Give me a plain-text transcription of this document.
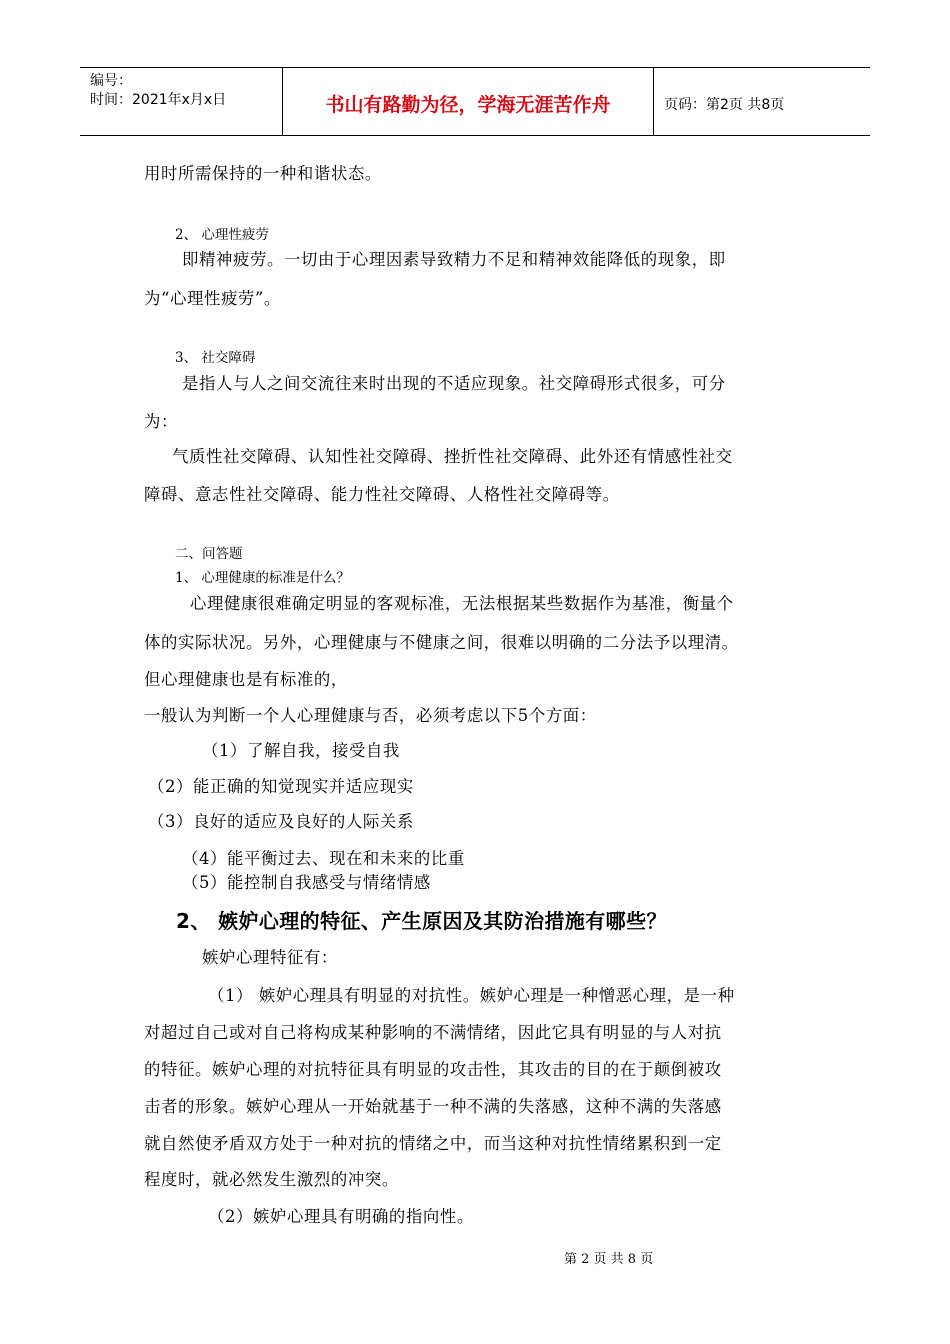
编号：
时间：2021年x月x日	书山有路勤为径，学海无涯苦作舟	页码：第2页 共8页
用时所需保持的一种和谐状态。
2、 心理性疲劳
即精神疲劳。一切由于心理因素导致精力不足和精神效能降低的现象，即
为“心理性疲劳”。
3、 社交障碍
是指人与人之间交流往来时出现的不适应现象。社交障碍形式很多，可分
为：
气质性社交障碍、认知性社交障碍、挫折性社交障碍、此外还有情感性社交
障碍、意志性社交障碍、能力性社交障碍、人格性社交障碍等。
二、问答题
1、 心理健康的标准是什么？
心理健康很难确定明显的客观标准，无法根据某些数据作为基准，衡量个
体的实际状况。另外，心理健康与不健康之间，很难以明确的二分法予以理清。
但心理健康也是有标准的，
一般认为判断一个人心理健康与否，必须考虑以下5个方面：
（1）了解自我，接受自我
（2）能正确的知觉现实并适应现实
（3）良好的适应及良好的人际关系
（4）能平衡过去、现在和未来的比重
（5）能控制自我感受与情绪情感
2、 嫉妒心理的特征、产生原因及其防治措施有哪些？
嫉妒心理特征有：
（1） 嫉妒心理具有明显的对抗性。嫉妒心理是一种憎恶心理，是一种
对超过自己或对自己将构成某种影响的不满情绪，因此它具有明显的与人对抗
的特征。嫉妒心理的对抗特征具有明显的攻击性，其攻击的目的在于颠倒被攻
击者的形象。嫉妒心理从一开始就基于一种不满的失落感，这种不满的失落感
就自然使矛盾双方处于一种对抗的情绪之中，而当这种对抗性情绪累积到一定
程度时，就必然发生激烈的冲突。
（2）嫉妒心理具有明确的指向性。
第 2 页 共 8 页
